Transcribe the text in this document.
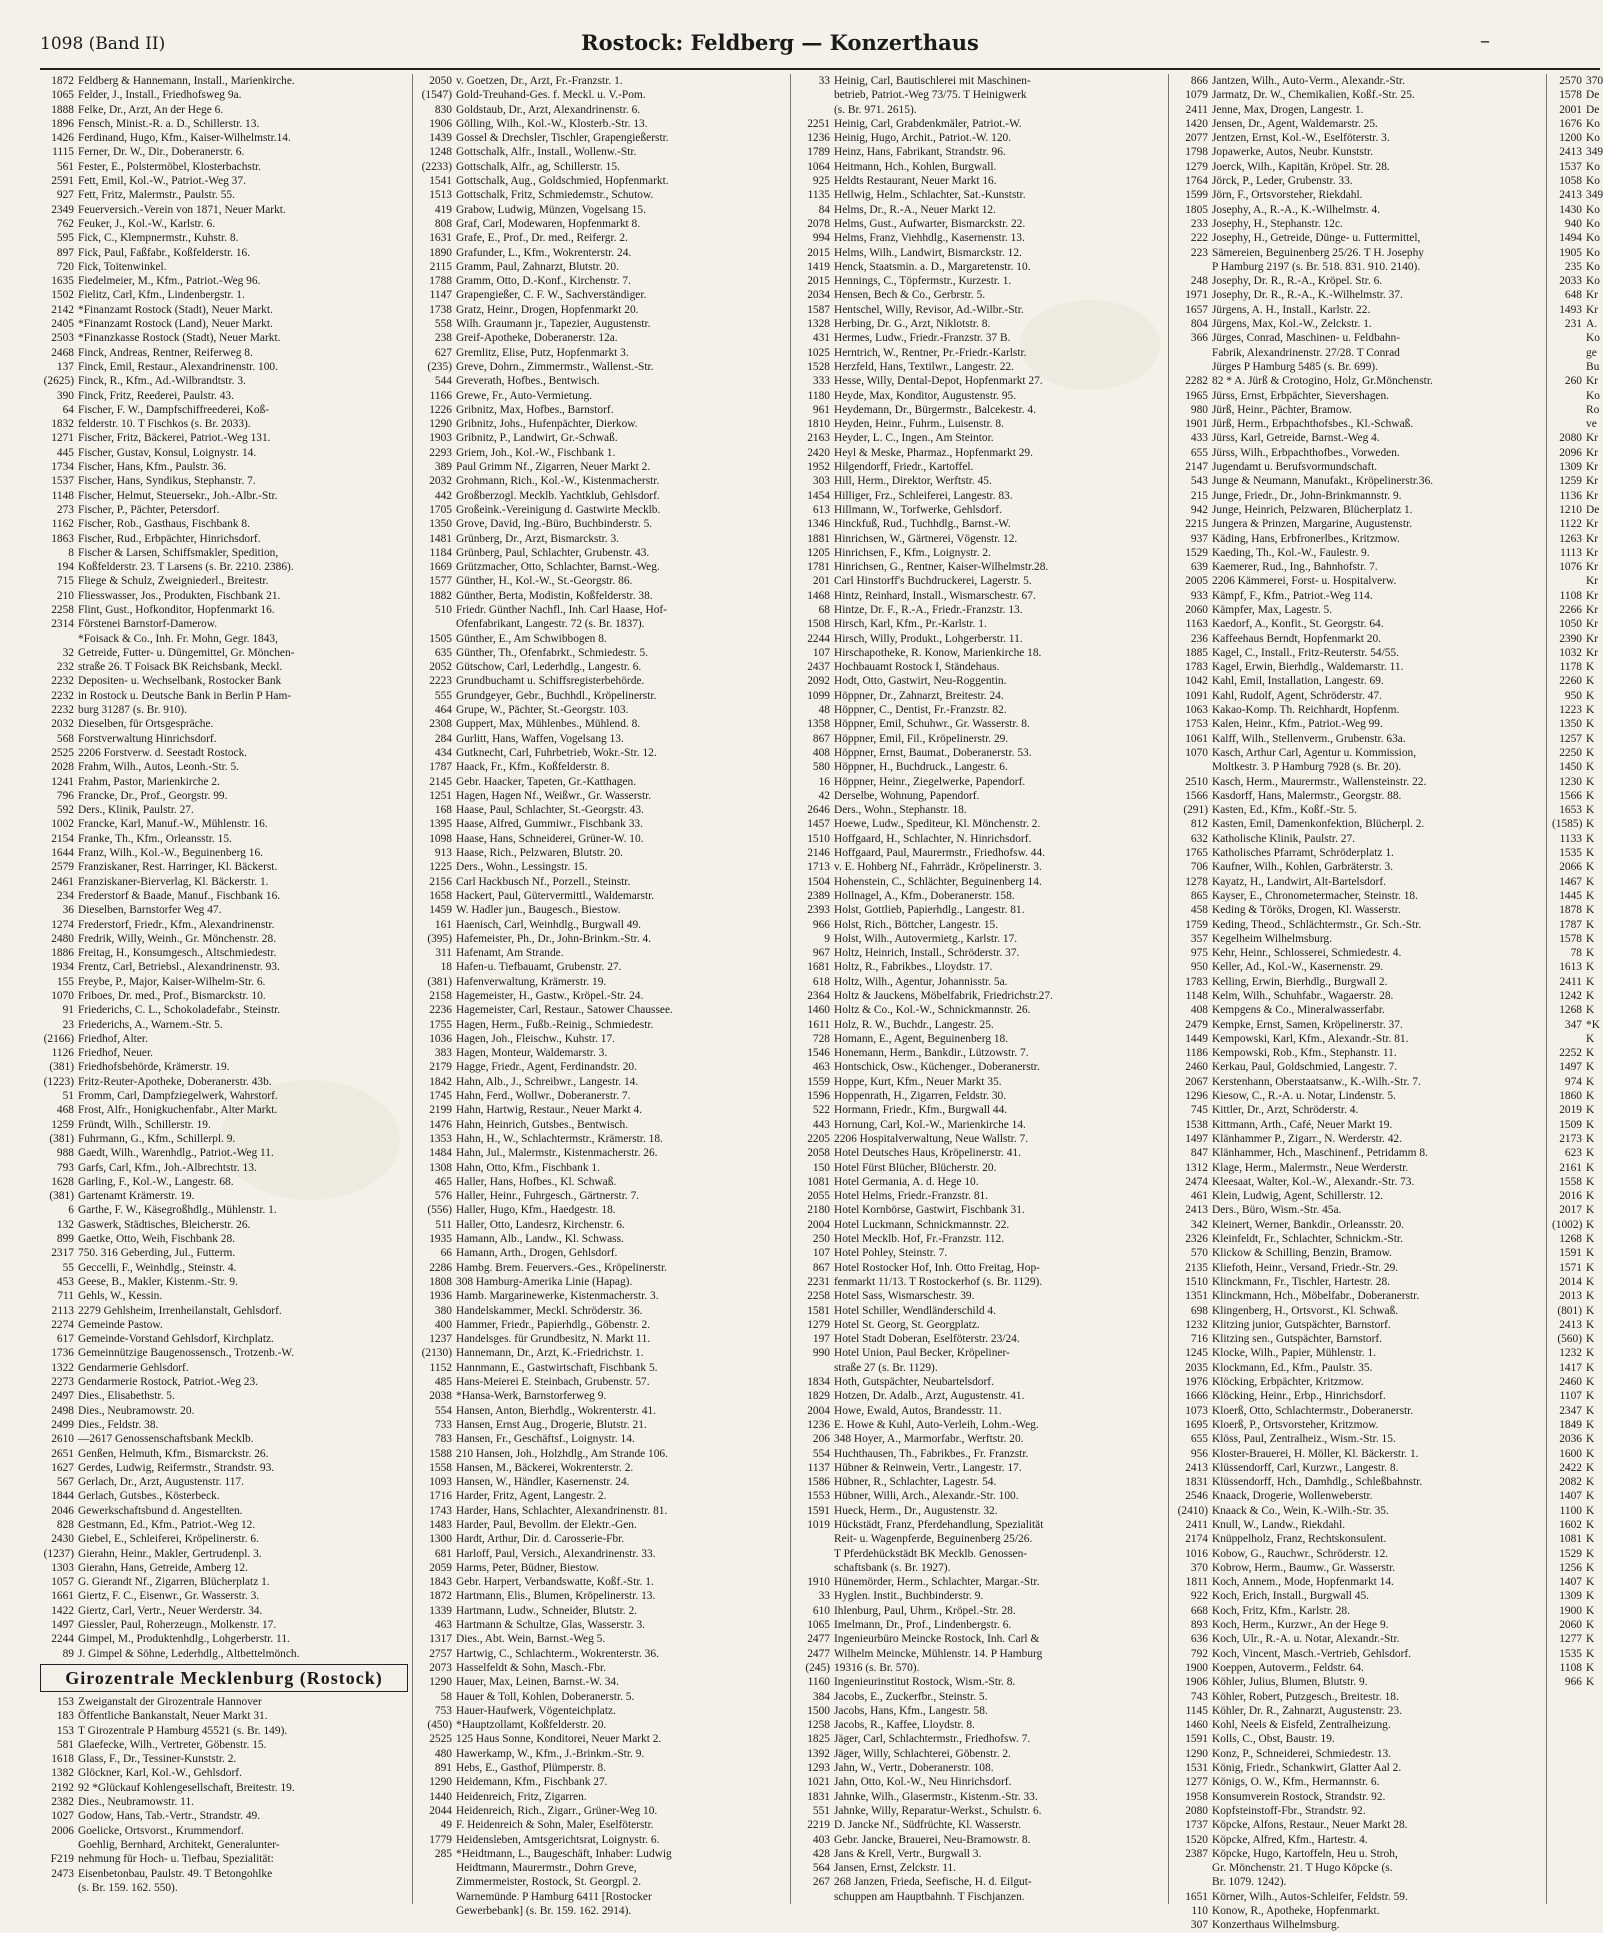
1098 (Band II)	Rostock: Feldberg — Konzerthaus	–
1872 Feldberg & Hannemann, Install., Marienkirche.
1065 Felder, J., Install., Friedhofsweg 9a.
1888 Felke, Dr., Arzt, An der Hege 6.
1896 Fensch, Minist.-R. a. D., Schillerstr. 13.
1426 Ferdinand, Hugo, Kfm., Kaiser-Wilhelmstr.14.
1115 Ferner, Dr. W., Dir., Doberanerstr. 6.
561 Fester, E., Polstermöbel, Klosterbachstr.
2591 Fett, Emil, Kol.-W., Patriot.-Weg 37.
927 Fett, Fritz, Malermstr., Paulstr. 55.
2349 Feuerversich.-Verein von 1871, Neuer Markt.
762 Feuker, J., Kol.-W., Karlstr. 6.
595 Fick, C., Klempnermstr., Kuhstr. 8.
897 Fick, Paul, Faßfabr., Koßfelderstr. 16.
720 Fick, Toitenwinkel.
1635 Fiedelmeier, M., Kfm., Patriot.-Weg 96.
1502 Fielitz, Carl, Kfm., Lindenbergstr. 1.
2142 *Finanzamt Rostock (Stadt), Neuer Markt.
2405 *Finanzamt Rostock (Land), Neuer Markt.
2503 *Finanzkasse Rostock (Stadt), Neuer Markt.
2468 Finck, Andreas, Rentner, Reiferweg 8.
137 Finck, Emil, Restaur., Alexandrinenstr. 100.
(2625) Finck, R., Kfm., Ad.-Wilbrandtstr. 3.
390 Finck, Fritz, Reederei, Paulstr. 43.
64 Fischer, F. W., Dampfschiffreederei, Koß-
1832 felderstr. 10. T Fischkos (s. Br. 2033).
1271 Fischer, Fritz, Bäckerei, Patriot.-Weg 131.
445 Fischer, Gustav, Konsul, Loignystr. 14.
1734 Fischer, Hans, Kfm., Paulstr. 36.
1537 Fischer, Hans, Syndikus, Stephanstr. 7.
1148 Fischer, Helmut, Steuersekr., Joh.-Albr.-Str.
273 Fischer, P., Pächter, Petersdorf.
1162 Fischer, Rob., Gasthaus, Fischbank 8.
1863 Fischer, Rud., Erbpächter, Hinrichsdorf.
8 Fischer & Larsen, Schiffsmakler, Spedition,
194 Koßfelderstr. 23. T Larsens (s. Br. 2210. 2386).
715 Fliege & Schulz, Zweigniederl., Breitestr.
210 Fliesswasser, Jos., Produkten, Fischbank 21.
2258 Flint, Gust., Hofkonditor, Hopfenmarkt 16.
2314 Förstenei Barnstorf-Damerow.
*Foisack & Co., Inh. Fr. Mohn, Gegr. 1843,
32 Getreide, Futter- u. Düngemittel, Gr. Mönchen-
232 straße 26. T Foisack BK Reichsbank, Meckl.
2232 Depositen- u. Wechselbank, Rostocker Bank
2232 in Rostock u. Deutsche Bank in Berlin P Ham-
2232 burg 31287 (s. Br. 910).
2032 Dieselben, für Ortsgespräche.
568 Forstverwaltung Hinrichsdorf.
2525 2206 Forstverw. d. Seestadt Rostock.
2028 Frahm, Wilh., Autos, Leonh.-Str. 5.
1241 Frahm, Pastor, Marienkirche 2.
796 Francke, Dr., Prof., Georgstr. 99.
592 Ders., Klinik, Paulstr. 27.
1002 Francke, Karl, Manuf.-W., Mühlenstr. 16.
2154 Franke, Th., Kfm., Orleansstr. 15.
1644 Franz, Wilh., Kol.-W., Beguinenberg 16.
2579 Franziskaner, Rest. Harringer, Kl. Bäckerst.
2461 Franziskaner-Bierverlag, Kl. Bäckerstr. 1.
234 Frederstorf & Baade, Manuf., Fischbank 16.
36 Dieselben, Barnstorfer Weg 47.
1274 Frederstorf, Friedr., Kfm., Alexandrinenstr.
2480 Fredrik, Willy, Weinh., Gr. Mönchenstr. 28.
1886 Freitag, H., Konsumgesch., Altschmiedestr.
1934 Frentz, Carl, Betriebsl., Alexandrinenstr. 93.
155 Freybe, P., Major, Kaiser-Wilhelm-Str. 6.
1070 Friboes, Dr. med., Prof., Bismarckstr. 10.
91 Friederichs, C. L., Schokoladefabr., Steinstr.
23 Friederichs, A., Warnem.-Str. 5.
(2166) Friedhof, Alter.
1126 Friedhof, Neuer.
(381) Friedhofsbehörde, Krämerstr. 19.
(1223) Fritz-Reuter-Apotheke, Doberanerstr. 43b.
51 Fromm, Carl, Dampfziegelwerk, Wahrstorf.
468 Frost, Alfr., Honigkuchenfabr., Alter Markt.
1259 Fründt, Wilh., Schillerstr. 19.
(381) Fuhrmann, G., Kfm., Schillerpl. 9.
988 Gaedt, Wilh., Warenhdlg., Patriot.-Weg 11.
793 Garfs, Carl, Kfm., Joh.-Albrechtstr. 13.
1628 Garling, F., Kol.-W., Langestr. 68.
(381) Gartenamt Krämerstr. 19.
6 Garthe, F. W., Käsegroßhdlg., Mühlenstr. 1.
132 Gaswerk, Städtisches, Bleicherstr. 26.
899 Gaetke, Otto, Weih, Fischbank 28.
2317 750. 316 Geberding, Jul., Futterm.
55 Geccelli, F., Weinhdlg., Steinstr. 4.
453 Geese, B., Makler, Kistenm.-Str. 9.
711 Gehls, W., Kessin.
2113 2279 Gehlsheim, Irrenheilanstalt, Gehlsdorf.
2274 Gemeinde Pastow.
617 Gemeinde-Vorstand Gehlsdorf, Kirchplatz.
1736 Gemeinnützige Baugenossensch., Trotzenb.-W.
1322 Gendarmerie Gehlsdorf.
2273 Gendarmerie Rostock, Patriot.-Weg 23.
2497 Dies., Elisabethstr. 5.
2498 Dies., Neubramowstr. 20.
2499 Dies., Feldstr. 38.
2610 —2617 Genossenschaftsbank Mecklb.
2651 Genßen, Helmuth, Kfm., Bismarckstr. 26.
1627 Gerdes, Ludwig, Reifermstr., Strandstr. 93.
567 Gerlach, Dr., Arzt, Augustenstr. 117.
1844 Gerlach, Gutsbes., Kösterbeck.
2046 Gewerkschaftsbund d. Angestellten.
828 Gestmann, Ed., Kfm., Patriot.-Weg 12.
2430 Giebel, E., Schleiferei, Kröpelinerstr. 6.
(1237) Gierahn, Heinr., Makler, Gertrudenpl. 3.
1303 Gierahn, Hans, Getreide, Amberg 12.
1057 G. Gierandt Nf., Zigarren, Blücherplatz 1.
1661 Giertz, F. C., Eisenwr., Gr. Wasserstr. 3.
1422 Giertz, Carl, Vertr., Neuer Werderstr. 34.
1497 Giessler, Paul, Roherzeugn., Molkenstr. 17.
2244 Gimpel, M., Produktenhdlg., Lohgerberstr. 11.
89 J. Gimpel & Söhne, Lederhdlg., Altbettelmönch.
Girozentrale Mecklenburg (Rostock)
153 Zweiganstalt der Girozentrale Hannover
183 Öffentliche Bankanstalt, Neuer Markt 31.
153 T Girozentrale P Hamburg 45521 (s. Br. 149).
581 Glaefecke, Wilh., Vertreter, Göbenstr. 15.
1618 Glass, F., Dr., Tessiner-Kunststr. 2.
1382 Glöckner, Karl, Kol.-W., Gehlsdorf.
2192 92 *Glückauf Kohlengesellschaft, Breitestr. 19.
2382 Dies., Neubramowstr. 11.
1027 Godow, Hans, Tab.-Vertr., Strandstr. 49.
2006 Goelicke, Ortsvorst., Krummendorf.
Goehlig, Bernhard, Architekt, Generalunter-
F219 nehmung für Hoch- u. Tiefbau, Spezialität:
2473 Eisenbetonbau, Paulstr. 49. T Betongohlke
(s. Br. 159. 162. 550).
2050 v. Goetzen, Dr., Arzt, Fr.-Franzstr. 1.
(1547) Gold-Treuhand-Ges. f. Meckl. u. V.-Pom.
830 Goldstaub, Dr., Arzt, Alexandrinenstr. 6.
1906 Gölling, Wilh., Kol.-W., Klosterb.-Str. 13.
1439 Gossel & Drechsler, Tischler, Grapengießerstr.
1248 Gottschalk, Alfr., Install., Wollenw.-Str.
(2233) Gottschalk, Alfr., ag, Schillerstr. 15.
1541 Gottschalk, Aug., Goldschmied, Hopfenmarkt.
1513 Gottschalk, Fritz, Schmiedemstr., Schutow.
419 Grabow, Ludwig, Münzen, Vogelsang 15.
808 Graf, Carl, Modewaren, Hopfenmarkt 8.
1631 Grafe, E., Prof., Dr. med., Reifergr. 2.
1890 Grafunder, L., Kfm., Wokrenterstr. 24.
2115 Gramm, Paul, Zahnarzt, Blutstr. 20.
1788 Gramm, Otto, D.-Konf., Kirchenstr. 7.
1147 Grapengießer, C. F. W., Sachverständiger.
1738 Gratz, Heinr., Drogen, Hopfenmarkt 20.
558 Wilh. Graumann jr., Tapezier, Augustenstr.
238 Greif-Apotheke, Doberanerstr. 12a.
627 Gremlitz, Elise, Putz, Hopfenmarkt 3.
(235) Greve, Dohrn., Zimmermstr., Wallenst.-Str.
544 Greverath, Hofbes., Bentwisch.
1166 Grewe, Fr., Auto-Vermietung.
1226 Gribnitz, Max, Hofbes., Barnstorf.
1290 Gribnitz, Johs., Hufenpächter, Dierkow.
1903 Gribnitz, P., Landwirt, Gr.-Schwaß.
2293 Griem, Joh., Kol.-W., Fischbank 1.
389 Paul Grimm Nf., Zigarren, Neuer Markt 2.
2032 Grohmann, Rich., Kol.-W., Kistenmacherstr.
442 Großberzogl. Mecklb. Yachtklub, Gehlsdorf.
1705 Großeink.-Vereinigung d. Gastwirte Mecklb.
1350 Grove, David, Ing.-Büro, Buchbinderstr. 5.
1481 Grünberg, Dr., Arzt, Bismarckstr. 3.
1184 Grünberg, Paul, Schlachter, Grubenstr. 43.
1669 Grützmacher, Otto, Schlachter, Barnst.-Weg.
1577 Günther, H., Kol.-W., St.-Georgstr. 86.
1882 Günther, Berta, Modistin, Koßfelderstr. 38.
510 Friedr. Günther Nachfl., Inh. Carl Haase, Hof-
Ofenfabrikant, Langestr. 72 (s. Br. 1837).
1505 Günther, E., Am Schwibbogen 8.
635 Günther, Th., Ofenfabrkt., Schmiedestr. 5.
2052 Gütschow, Carl, Lederhdlg., Langestr. 6.
2223 Grundbuchamt u. Schiffsregisterbehörde.
555 Grundgeyer, Gebr., Buchhdl., Kröpelinerstr.
464 Grupe, W., Pächter, St.-Georgstr. 103.
2308 Guppert, Max, Mühlenbes., Mühlend. 8.
284 Gurlitt, Hans, Waffen, Vogelsang 13.
434 Gutknecht, Carl, Fuhrbetrieb, Wokr.-Str. 12.
1787 Haack, Fr., Kfm., Koßfelderstr. 8.
2145 Gebr. Haacker, Tapeten, Gr.-Katthagen.
1251 Hagen, Hagen Nf., Weißwr., Gr. Wasserstr.
168 Haase, Paul, Schlachter, St.-Georgstr. 43.
1395 Haase, Alfred, Gummiwr., Fischbank 33.
1098 Haase, Hans, Schneiderei, Grüner-W. 10.
913 Haase, Rich., Pelzwaren, Blutstr. 20.
1225 Ders., Wohn., Lessingstr. 15.
2156 Carl Hackbusch Nf., Porzell., Steinstr.
1658 Hackert, Paul, Gütervermittl., Waldemarstr.
1459 W. Hadler jun., Baugesch., Biestow.
161 Haenisch, Carl, Weinhdlg., Burgwall 49.
(395) Hafemeister, Ph., Dr., John-Brinkm.-Str. 4.
311 Hafenamt, Am Strande.
18 Hafen-u. Tiefbauamt, Grubenstr. 27.
(381) Hafenverwaltung, Krämerstr. 19.
2158 Hagemeister, H., Gastw., Kröpel.-Str. 24.
2236 Hagemeister, Carl, Restaur., Satower Chaussee.
1755 Hagen, Herm., Fußb.-Reinig., Schmiedestr.
1036 Hagen, Joh., Fleischw., Kuhstr. 17.
383 Hagen, Monteur, Waldemarstr. 3.
2179 Hagge, Friedr., Agent, Ferdinandstr. 20.
1842 Hahn, Alb., J., Schreibwr., Langestr. 14.
1745 Hahn, Ferd., Wollwr., Doberanerstr. 7.
2199 Hahn, Hartwig, Restaur., Neuer Markt 4.
1476 Hahn, Heinrich, Gutsbes., Bentwisch.
1353 Hahn, H., W., Schlachtermstr., Krämerstr. 18.
1484 Hahn, Jul., Malermstr., Kistenmacherstr. 26.
1308 Hahn, Otto, Kfm., Fischbank 1.
465 Haller, Hans, Hofbes., Kl. Schwaß.
576 Haller, Heinr., Fuhrgesch., Gärtnerstr. 7.
(556) Haller, Hugo, Kfm., Haedgestr. 18.
511 Haller, Otto, Landesrz, Kirchenstr. 6.
1935 Hamann, Alb., Landw., Kl. Schwass.
66 Hamann, Arth., Drogen, Gehlsdorf.
2286 Hambg. Brem. Feuervers.-Ges., Kröpelinerstr.
1808 308 Hamburg-Amerika Linie (Hapag).
1936 Hamb. Margarinewerke, Kistenmacherstr. 3.
380 Handelskammer, Meckl. Schröderstr. 36.
400 Hammer, Friedr., Papierhdlg., Göbenstr. 2.
1237 Handelsges. für Grundbesitz, N. Markt 11.
(2130) Hannemann, Dr., Arzt, K.-Friedrichstr. 1.
1152 Hannmann, E., Gastwirtschaft, Fischbank 5.
485 Hans-Meierei E. Steinbach, Grubenstr. 57.
2038 *Hansa-Werk, Barnstorferweg 9.
554 Hansen, Anton, Bierhdlg., Wokrenterstr. 41.
733 Hansen, Ernst Aug., Drogerie, Blutstr. 21.
783 Hansen, Fr., Geschäftsf., Loignystr. 14.
1588 210 Hansen, Joh., Holzhdlg., Am Strande 106.
1558 Hansen, M., Bäckerei, Wokrenterstr. 2.
1093 Hansen, W., Händler, Kasernenstr. 24.
1716 Harder, Fritz, Agent, Langestr. 2.
1743 Harder, Hans, Schlachter, Alexandrinenstr. 81.
1483 Harder, Paul, Bevollm. der Elektr.-Gen.
1300 Hardt, Arthur, Dir. d. Carosserie-Fbr.
681 Harloff, Paul, Versich., Alexandrinenstr. 33.
2059 Harms, Peter, Büdner, Biestow.
1843 Gebr. Harpert, Verbandswatte, Koßf.-Str. 1.
1872 Hartmann, Elis., Blumen, Kröpelinerstr. 13.
1339 Hartmann, Ludw., Schneider, Blutstr. 2.
463 Hartmann & Schultze, Glas, Wasserstr. 3.
1317 Dies., Abt. Wein, Barnst.-Weg 5.
2757 Hartwig, C., Schlachterm., Wokrenterstr. 36.
2073 Hasselfeldt & Sohn, Masch.-Fbr.
1290 Hauer, Max, Leinen, Barnst.-W. 34.
58 Hauer & Toll, Kohlen, Doberanerstr. 5.
753 Hauer-Haufwerk, Vögenteichplatz.
(450) *Hauptzollamt, Koßfelderstr. 20.
2525 125 Haus Sonne, Konditorei, Neuer Markt 2.
480 Hawerkamp, W., Kfm., J.-Brinkm.-Str. 9.
891 Hebs, E., Gasthof, Plümperstr. 8.
1290 Heidemann, Kfm., Fischbank 27.
1440 Heidenreich, Fritz, Zigarren.
2044 Heidenreich, Rich., Zigarr., Grüner-Weg 10.
49 F. Heidenreich & Sohn, Maler, Eselföterstr.
1779 Heidensleben, Amtsgerichtsrat, Loignystr. 6.
285 *Heidtmann, L., Baugeschäft, Inhaber: Ludwig
Heidtmann, Maurermstr., Dohrn Greve,
Zimmermeister, Rostock, St. Georgpl. 2.
Warnemünde. P Hamburg 6411 [Rostocker
Gewerbebank] (s. Br. 159. 162. 2914).
33 Heinig, Carl, Bautischlerei mit Maschinen-
betrieb, Patriot.-Weg 73/75. T Heinigwerk
(s. Br. 971. 2615).
2251 Heinig, Carl, Grabdenkmäler, Patriot.-W.
1236 Heinig, Hugo, Archit., Patriot.-W. 120.
1789 Heinz, Hans, Fabrikant, Strandstr. 96.
1064 Heitmann, Hch., Kohlen, Burgwall.
925 Heldts Restaurant, Neuer Markt 16.
1135 Hellwig, Helm., Schlachter, Sat.-Kunststr.
84 Helms, Dr., R.-A., Neuer Markt 12.
2078 Helms, Gust., Aufwarter, Bismarckstr. 22.
994 Helms, Franz, Viehhdlg., Kasernenstr. 13.
2015 Helms, Wilh., Landwirt, Bismarckstr. 12.
1419 Henck, Staatsmin. a. D., Margaretenstr. 10.
2015 Hennings, C., Töpfermstr., Kurzestr. 1.
2034 Hensen, Bech & Co., Gerbrstr. 5.
1587 Hentschel, Willy, Revisor, Ad.-Wilbr.-Str.
1328 Herbing, Dr. G., Arzt, Niklotstr. 8.
431 Hermes, Ludw., Friedr.-Franzstr. 37 B.
1025 Herntrich, W., Rentner, Pr.-Friedr.-Karlstr.
1528 Herzfeld, Hans, Textilwr., Langestr. 22.
333 Hesse, Willy, Dental-Depot, Hopfenmarkt 27.
1180 Heyde, Max, Konditor, Augustenstr. 95.
961 Heydemann, Dr., Bürgermstr., Balcekestr. 4.
1810 Heyden, Heinr., Fuhrm., Luisenstr. 8.
2163 Heyder, L. C., Ingen., Am Steintor.
2420 Heyl & Meske, Pharmaz., Hopfenmarkt 29.
1952 Hilgendorff, Friedr., Kartoffel.
303 Hill, Herm., Direktor, Werftstr. 45.
1454 Hilliger, Frz., Schleiferei, Langestr. 83.
613 Hillmann, W., Torfwerke, Gehlsdorf.
1346 Hinckfuß, Rud., Tuchhdlg., Barnst.-W.
1881 Hinrichsen, W., Gärtnerei, Vögenstr. 12.
1205 Hinrichsen, F., Kfm., Loignystr. 2.
1781 Hinrichsen, G., Rentner, Kaiser-Wilhelmstr.28.
201 Carl Hinstorff's Buchdruckerei, Lagerstr. 5.
1468 Hintz, Reinhard, Install., Wismarschestr. 67.
68 Hintze, Dr. F., R.-A., Friedr.-Franzstr. 13.
1508 Hirsch, Karl, Kfm., Pr.-Karlstr. 1.
2244 Hirsch, Willy, Produkt., Lohgerberstr. 11.
107 Hirschapotheke, R. Konow, Marienkirche 18.
2437 Hochbauamt Rostock I, Ständehaus.
2092 Hodt, Otto, Gastwirt, Neu-Roggentin.
1099 Höppner, Dr., Zahnarzt, Breitestr. 24.
48 Höppner, C., Dentist, Fr.-Franzstr. 82.
1358 Höppner, Emil, Schuhwr., Gr. Wasserstr. 8.
867 Höppner, Emil, Fil., Kröpelinerstr. 29.
408 Höppner, Ernst, Baumat., Doberanerstr. 53.
580 Höppner, H., Buchdruck., Langestr. 6.
16 Höppner, Heinr., Ziegelwerke, Papendorf.
42 Derselbe, Wohnung, Papendorf.
2646 Ders., Wohn., Stephanstr. 18.
1457 Hoewe, Ludw., Spediteur, Kl. Mönchenstr. 2.
1510 Hoffgaard, H., Schlachter, N. Hinrichsdorf.
2146 Hoffgaard, Paul, Maurermstr., Friedhofsw. 44.
1713 v. E. Hohberg Nf., Fahrrädr., Kröpelinerstr. 3.
1504 Hohenstein, C., Schlächter, Beguinenberg 14.
2389 Hollnagel, A., Kfm., Doberanerstr. 158.
2393 Holst, Gottlieb, Papierhdlg., Langestr. 81.
966 Holst, Rich., Böttcher, Langestr. 15.
9 Holst, Wilh., Autovermietg., Karlstr. 17.
967 Holtz, Heinrich, Install., Schröderstr. 37.
1681 Holtz, R., Fabrikbes., Lloydstr. 17.
618 Holtz, Wilh., Agentur, Johannisstr. 5a.
2364 Holtz & Jauckens, Möbelfabrik, Friedrichstr.27.
1460 Holtz & Co., Kol.-W., Schnickmannstr. 26.
1611 Holz, R. W., Buchdr., Langestr. 25.
728 Homann, E., Agent, Beguinenberg 18.
1546 Honemann, Herm., Bankdir., Lützowstr. 7.
463 Hontschick, Osw., Küchenger., Doberanerstr.
1559 Hoppe, Kurt, Kfm., Neuer Markt 35.
1596 Hoppenrath, H., Zigarren, Feldstr. 30.
522 Hormann, Friedr., Kfm., Burgwall 44.
443 Hornung, Carl, Kol.-W., Marienkirche 14.
2205 2206 Hospitalverwaltung, Neue Wallstr. 7.
2058 Hotel Deutsches Haus, Kröpelinerstr. 41.
150 Hotel Fürst Blücher, Blücherstr. 20.
1081 Hotel Germania, A. d. Hege 10.
2055 Hotel Helms, Friedr.-Franzstr. 81.
2180 Hotel Kornbörse, Gastwirt, Fischbank 31.
2004 Hotel Luckmann, Schnickmannstr. 22.
250 Hotel Mecklb. Hof, Fr.-Franzstr. 112.
107 Hotel Pohley, Steinstr. 7.
867 Hotel Rostocker Hof, Inh. Otto Freitag, Hop-
2231 fenmarkt 11/13. T Rostockerhof (s. Br. 1129).
2258 Hotel Sass, Wismarschestr. 39.
1581 Hotel Schiller, Wendländerschild 4.
1279 Hotel St. Georg, St. Georgplatz.
197 Hotel Stadt Doberan, Eselföterstr. 23/24.
990 Hotel Union, Paul Becker, Kröpeliner-
straße 27 (s. Br. 1129).
1834 Hoth, Gutspächter, Neubartelsdorf.
1829 Hotzen, Dr. Adalb., Arzt, Augustenstr. 41.
2004 Howe, Ewald, Autos, Brandesstr. 11.
1236 E. Howe & Kuhl, Auto-Verleih, Lohm.-Weg.
206 348 Hoyer, A., Marmorfabr., Werftstr. 20.
554 Huchthausen, Th., Fabrikbes., Fr. Franzstr.
1137 Hübner & Reinwein, Vertr., Langestr. 17.
1586 Hübner, R., Schlachter, Lagestr. 54.
1553 Hübner, Willi, Arch., Alexandr.-Str. 100.
1591 Hueck, Herm., Dr., Augustenstr. 32.
1019 Hückstädt, Franz, Pferdehandlung, Spezialität
Reit- u. Wagenpferde, Beguinenberg 25/26.
T Pferdehückstädt BK Mecklb. Genossen-
schaftsbank (s. Br. 1927).
1910 Hünemörder, Herm., Schlachter, Margar.-Str.
33 Hyglen. Instit., Buchbinderstr. 9.
610 Ihlenburg, Paul, Uhrm., Kröpel.-Str. 28.
1065 Imelmann, Dr., Prof., Lindenbergstr. 6.
2477 Ingenieurbüro Meincke Rostock, Inh. Carl &
2477 Wilhelm Meincke, Mühlenstr. 14. P Hamburg
(245) 19316 (s. Br. 570).
1160 Ingenieurinstitut Rostock, Wism.-Str. 8.
384 Jacobs, E., Zuckerfbr., Steinstr. 5.
1500 Jacobs, Hans, Kfm., Langestr. 58.
1258 Jacobs, R., Kaffee, Lloydstr. 8.
1825 Jäger, Carl, Schlachtermstr., Friedhofsw. 7.
1392 Jäger, Willy, Schlachterei, Göbenstr. 2.
1293 Jahn, W., Vertr., Doberanerstr. 108.
1021 Jahn, Otto, Kol.-W., Neu Hinrichsdorf.
1831 Jahnke, Wilh., Glasermstr., Kistenm.-Str. 33.
551 Jahnke, Willy, Reparatur-Werkst., Schulstr. 6.
2219 D. Jancke Nf., Südfrüchte, Kl. Wasserstr.
403 Gebr. Jancke, Brauerei, Neu-Bramowstr. 8.
428 Jans & Krell, Vertr., Burgwall 3.
564 Jansen, Ernst, Zelckstr. 11.
267 268 Janzen, Frieda, Seefische, H. d. Eilgut-
schuppen am Hauptbahnh. T Fischjanzen.
866 Jantzen, Wilh., Auto-Verm., Alexandr.-Str.
1079 Jarmatz, Dr. W., Chemikalien, Koßf.-Str. 25.
2411 Jenne, Max, Drogen, Langestr. 1.
1420 Jensen, Dr., Agent, Waldemarstr. 25.
2077 Jentzen, Ernst, Kol.-W., Eselföterstr. 3.
1798 Jopawerke, Autos, Neubr. Kunststr.
1279 Joerck, Wilh., Kapitän, Kröpel. Str. 28.
1764 Jörck, P., Leder, Grubenstr. 33.
1599 Jörn, F., Ortsvorsteher, Riekdahl.
1805 Josephy, A., R.-A., K.-Wilhelmstr. 4.
233 Josephy, H., Stephanstr. 12c.
222 Josephy, H., Getreide, Dünge- u. Futtermittel,
223 Sämereien, Beguinenberg 25/26. T H. Josephy
P Hamburg 2197 (s. Br. 518. 831. 910. 2140).
248 Josephy, Dr. R., R.-A., Kröpel. Str. 6.
1971 Josephy, Dr. R., R.-A., K.-Wilhelmstr. 37.
1657 Jürgens, A. H., Install., Karlstr. 22.
804 Jürgens, Max, Kol.-W., Zelckstr. 1.
366 Jürges, Conrad, Maschinen- u. Feldbahn-
Fabrik, Alexandrinenstr. 27/28. T Conrad
Jürges P Hamburg 5485 (s. Br. 699).
2282 82 * A. Jürß & Crotogino, Holz, Gr.Mönchenstr.
1965 Jürss, Ernst, Erbpächter, Sievershagen.
980 Jürß, Heinr., Pächter, Bramow.
1901 Jürß, Herm., Erbpachthofsbes., Kl.-Schwaß.
433 Jürss, Karl, Getreide, Barnst.-Weg 4.
655 Jürss, Wilh., Erbpachthofbes., Vorweden.
2147 Jugendamt u. Berufsvormundschaft.
543 Junge & Neumann, Manufakt., Kröpelinerstr.36.
215 Junge, Friedr., Dr., John-Brinkmannstr. 9.
942 Junge, Heinrich, Pelzwaren, Blücherplatz 1.
2215 Jungera & Prinzen, Margarine, Augustenstr.
937 Käding, Hans, Erbfronerlbes., Kritzmow.
1529 Kaeding, Th., Kol.-W., Faulestr. 9.
639 Kaemerer, Rud., Ing., Bahnhofstr. 7.
2005 2206 Kämmerei, Forst- u. Hospitalverw.
933 Kämpf, F., Kfm., Patriot.-Weg 114.
2060 Kämpfer, Max, Lagestr. 5.
1163 Kaedorf, A., Konfit., St. Georgstr. 64.
236 Kaffeehaus Berndt, Hopfenmarkt 20.
1885 Kagel, C., Install., Fritz-Reuterstr. 54/55.
1783 Kagel, Erwin, Bierhdlg., Waldemarstr. 11.
1042 Kahl, Emil, Installation, Langestr. 69.
1091 Kahl, Rudolf, Agent, Schröderstr. 47.
1063 Kakao-Komp. Th. Reichhardt, Hopfenm.
1753 Kalen, Heinr., Kfm., Patriot.-Weg 99.
1061 Kalff, Wilh., Stellenverm., Grubenstr. 63a.
1070 Kasch, Arthur Carl, Agentur u. Kommission,
Moltkestr. 3. P Hamburg 7928 (s. Br. 20).
2510 Kasch, Herm., Maurermstr., Wallensteinstr. 22.
1566 Kasdorff, Hans, Malermstr., Georgstr. 88.
(291) Kasten, Ed., Kfm., Koßf.-Str. 5.
812 Kasten, Emil, Damenkonfektion, Blücherpl. 2.
632 Katholische Klinik, Paulstr. 27.
1765 Katholisches Pfarramt, Schröderplatz 1.
706 Kaufner, Wilh., Kohlen, Garbräterstr. 3.
1278 Kayatz, H., Landwirt, Alt-Bartelsdorf.
865 Kayser, E., Chronometermacher, Steinstr. 18.
458 Keding & Töröks, Drogen, Kl. Wasserstr.
1759 Keding, Theod., Schlächtermstr., Gr. Sch.-Str.
357 Kegelheim Wilhelmsburg.
975 Kehr, Heinr., Schlosserei, Schmiedestr. 4.
950 Keller, Ad., Kol.-W., Kasernenstr. 29.
1783 Kelling, Erwin, Bierhdlg., Burgwall 2.
1148 Kelm, Wilh., Schuhfabr., Wagaerstr. 28.
408 Kempgens & Co., Mineralwasserfabr.
2479 Kempke, Ernst, Samen, Kröpelinerstr. 37.
1449 Kempowski, Karl, Kfm., Alexandr.-Str. 81.
1186 Kempowski, Rob., Kfm., Stephanstr. 11.
2460 Kerkau, Paul, Goldschmied, Langestr. 7.
2067 Kerstenhann, Oberstaatsanw., K.-Wilh.-Str. 7.
1296 Kiesow, C., R.-A. u. Notar, Lindenstr. 5.
745 Kittler, Dr., Arzt, Schröderstr. 4.
1538 Kittmann, Arth., Café, Neuer Markt 19.
1497 Klänhammer P., Zigarr., N. Werderstr. 42.
847 Klänhammer, Hch., Maschinenf., Petridamm 8.
1312 Klage, Herm., Malermstr., Neue Werderstr.
2474 Kleesaat, Walter, Kol.-W., Alexandr.-Str. 73.
461 Klein, Ludwig, Agent, Schillerstr. 12.
2413 Ders., Büro, Wism.-Str. 45a.
342 Kleinert, Werner, Bankdir., Orleansstr. 20.
2326 Kleinfeldt, Fr., Schlachter, Schnickm.-Str.
570 Klickow & Schilling, Benzin, Bramow.
2135 Kliefoth, Heinr., Versand, Friedr.-Str. 29.
1510 Klinckmann, Fr., Tischler, Hartestr. 28.
1351 Klinckmann, Hch., Möbelfabr., Doberanerstr.
698 Klingenberg, H., Ortsvorst., Kl. Schwaß.
1232 Klitzing junior, Gutspächter, Barnstorf.
716 Klitzing sen., Gutspächter, Barnstorf.
1245 Klocke, Wilh., Papier, Mühlenstr. 1.
2035 Klockmann, Ed., Kfm., Paulstr. 35.
1976 Klöcking, Erbpächter, Kritzmow.
1666 Klöcking, Heinr., Erbp., Hinrichsdorf.
1073 Kloerß, Otto, Schlachtermstr., Doberanerstr.
1695 Kloerß, P., Ortsvorsteher, Kritzmow.
655 Klöss, Paul, Zentralheiz., Wism.-Str. 15.
956 Kloster-Brauerei, H. Möller, Kl. Bäckerstr. 1.
2413 Klüssendorff, Carl, Kurzwr., Langestr. 8.
1831 Klüssendorff, Hch., Damhdlg., Schleßbahnstr.
2546 Knaack, Drogerie, Wollenweberstr.
(2410) Knaack & Co., Wein, K.-Wilh.-Str. 35.
2411 Knull, W., Landw., Riekdahl.
2174 Knüppelholz, Franz, Rechtskonsulent.
1016 Kobow, G., Rauchwr., Schröderstr. 12.
370 Kobrow, Herm., Baumw., Gr. Wasserstr.
1811 Koch, Annem., Mode, Hopfenmarkt 14.
922 Koch, Erich, Install., Burgwall 45.
668 Koch, Fritz, Kfm., Karlstr. 28.
893 Koch, Herm., Kurzwr., An der Hege 9.
636 Koch, Ulr., R.-A. u. Notar, Alexandr.-Str.
792 Koch, Vincent, Masch.-Vertrieb, Gehlsdorf.
1900 Koeppen, Autoverm., Feldstr. 64.
1906 Köhler, Julius, Blumen, Blutstr. 9.
743 Köhler, Robert, Putzgesch., Breitestr. 18.
1145 Köhler, Dr. R., Zahnarzt, Augustenstr. 23.
1460 Kohl, Neels & Eisfeld, Zentralheizung.
1591 Kolls, C., Obst, Baustr. 19.
1290 Konz, P., Schneiderei, Schmiedestr. 13.
1531 König, Friedr., Schankwirt, Glatter Aal 2.
1277 Königs, O. W., Kfm., Hermannstr. 6.
1958 Konsumverein Rostock, Strandstr. 92.
2080 Kopfsteinstoff-Fbr., Strandstr. 92.
1737 Köpcke, Alfons, Restaur., Neuer Markt 28.
1520 Köpcke, Alfred, Kfm., Hartestr. 4.
2387 Köpcke, Hugo, Kartoffeln, Heu u. Stroh,
Gr. Mönchenstr. 21. T Hugo Köpcke (s.
Br. 1079. 1242).
1651 Körner, Wilh., Autos-Schleifer, Feldstr. 59.
110 Konow, R., Apotheke, Hopfenmarkt.
307 Konzerthaus Wilhelmsburg.
2570 370
1578 De
2001 De
1676 Ko
1200 Ko
2413 349
1537 Ko
1058 Ko
2413 349
1430 Ko
940 Ko
1494 Ko
1905 Ko
235 Ko
2033 Ko
648 Kr
1493 Kr
231 A.
Ko
ge
Bu
260 Kr
Ko
Ro
ve
2080 Kr
2096 Kr
1309 Kr
1259 Kr
1136 Kr
1210 De
1122 Kr
1263 Kr
1113 Kr
1076 Kr
Kr
1108 Kr
2266 Kr
1050 Kr
2390 Kr
1032 Kr
1178 K
2260 K
950 K
1223 K
1350 K
1257 K
2250 K
1450 K
1230 K
1566 K
1653 K
(1585) K
1133 K
1535 K
2066 K
1467 K
1445 K
1878 K
1787 K
1578 K
78 K
1613 K
2411 K
1242 K
1268 K
347 *K
K
2252 K
1497 K
974 K
1860 K
2019 K
1509 K
2173 K
623 K
2161 K
1558 K
2016 K
2017 K
(1002) K
1268 K
1591 K
1571 K
2014 K
2013 K
(801) K
2413 K
(560) K
1232 K
1417 K
2460 K
1107 K
2347 K
1849 K
2036 K
1600 K
2422 K
2082 K
1407 K
1100 K
1602 K
1081 K
1529 K
1256 K
1407 K
1309 K
1900 K
2060 K
1277 K
1535 K
1108 K
966 K
